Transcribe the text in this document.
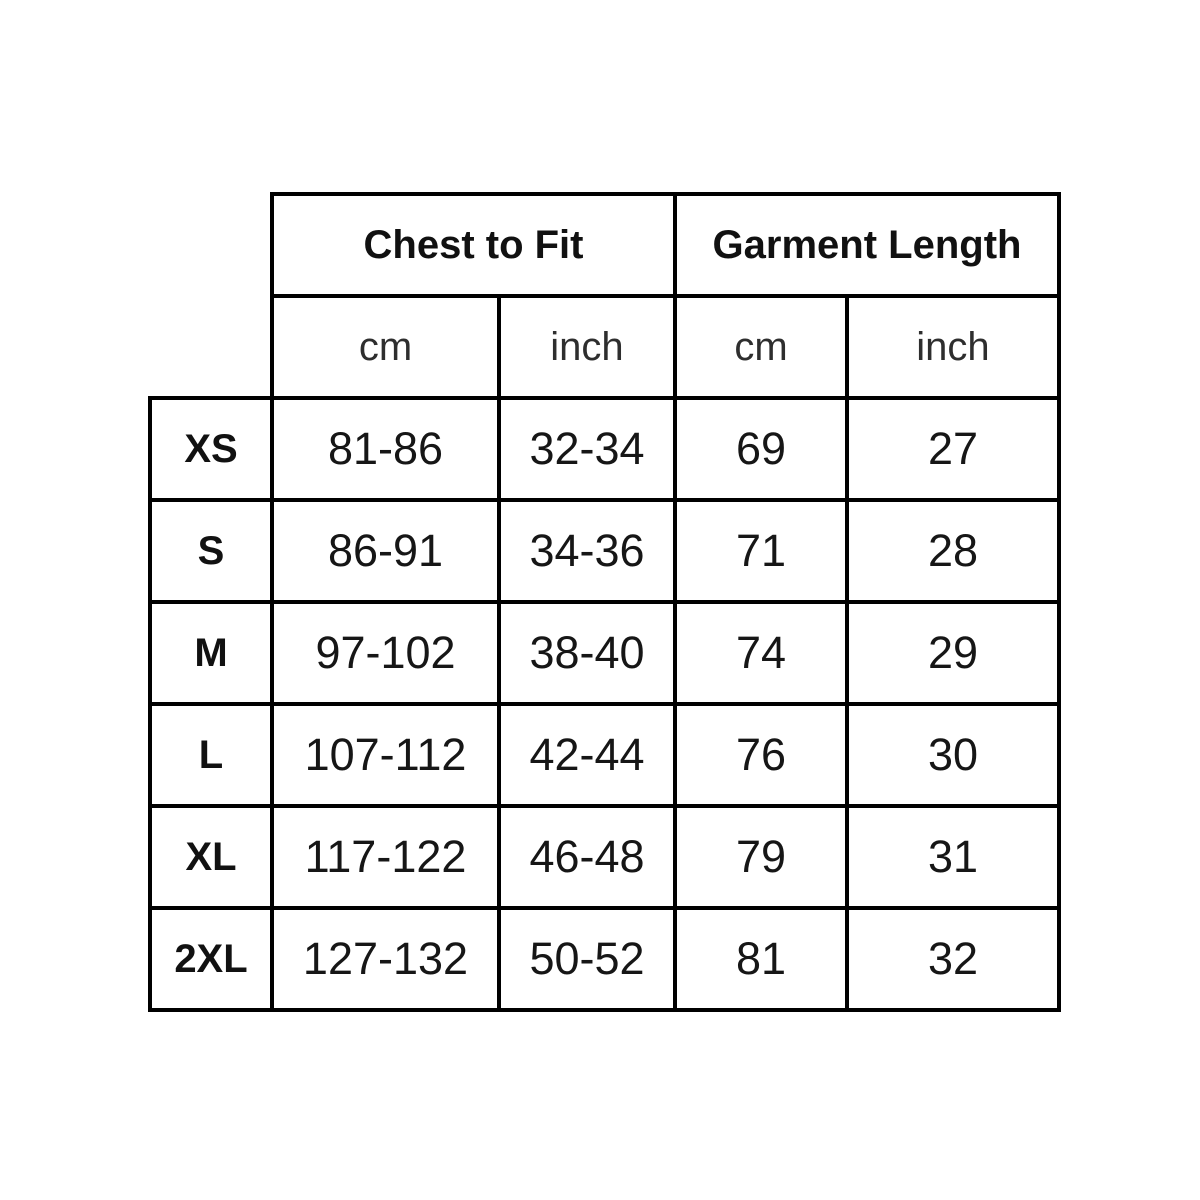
	Chest to Fit		Garment Length	
	cm	inch	cm	inch
XS	81-86	32-34	69	27
S	86-91	34-36	71	28
M	97-102	38-40	74	29
L	107-112	42-44	76	30
XL	117-122	46-48	79	31
2XL	127-132	50-52	81	32
